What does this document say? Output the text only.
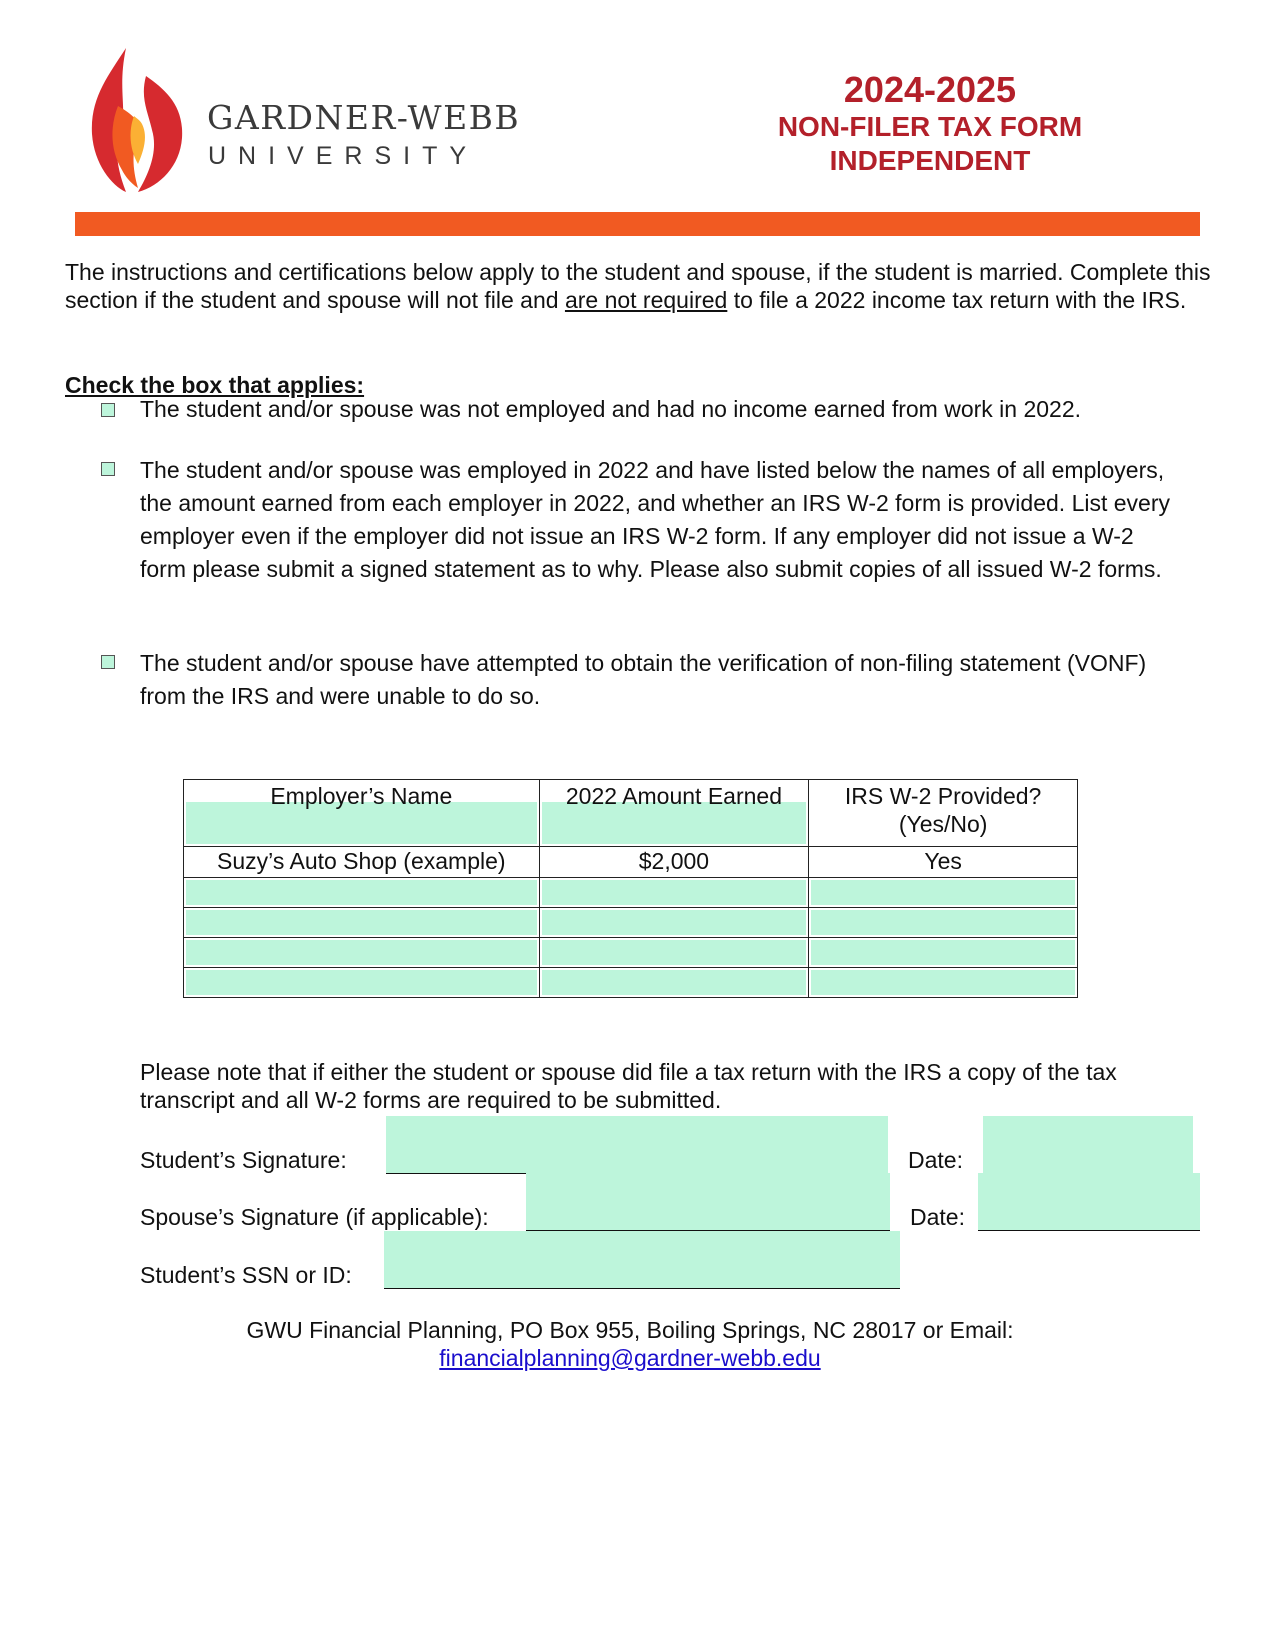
GARDNER-WEBB
UNIVERSITY
2024-2025
NON-FILER TAX FORM
INDEPENDENT
The instructions and certifications below apply to the student and spouse, if the student is married. Complete this section if the student and spouse will not file and are not required to file a 2022 income tax return with the IRS.
Check the box that applies:
The student and/or spouse was not employed and had no income earned from work in 2022.
The student and/or spouse was employed in 2022 and have listed below the names of all employers, the amount earned from each employer in 2022, and whether an IRS W-2 form is provided. List every employer even if the employer did not issue an IRS W-2 form. If any employer did not issue a W-2 form please submit a signed statement as to why. Please also submit copies of all issued W-2 forms.
The student and/or spouse have attempted to obtain the verification of non-filing statement (VONF) from the IRS and were unable to do so.
Employer’s Name	2022 Amount Earned	IRS W-2 Provided?
(Yes/No)

Suzy’s Auto Shop (example)	$2,000	Yes

Please note that if either the student or spouse did file a tax return with the IRS a copy of the tax transcript and all W-2 forms are required to be submitted.
Student’s Signature:	Date:
Spouse’s Signature (if applicable):	Date:
Student’s SSN or ID:
GWU Financial Planning, PO Box 955, Boiling Springs, NC 28017 or Email:
financialplanning@gardner-webb.edu
